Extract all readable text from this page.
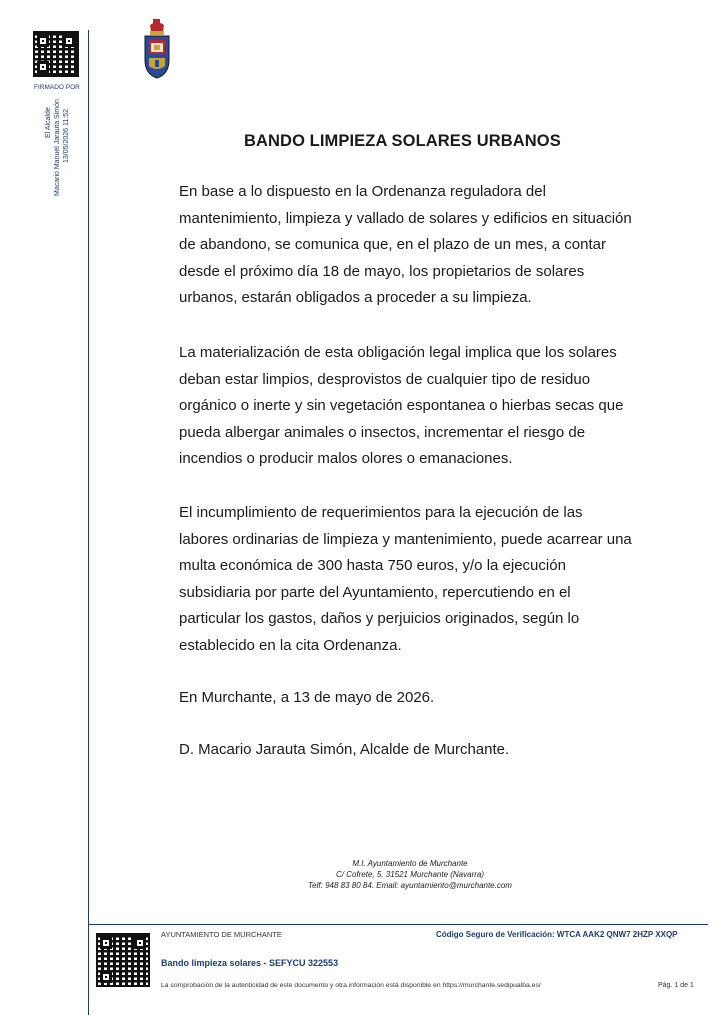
FIRMADO POR
El Alcalde Macario Manuel Jarauta Simón 13/05/2026 11:52	BANDO LIMPIEZA SOLARES URBANOS
En base a lo dispuesto en la Ordenanza reguladora del
mantenimiento, limpieza y vallado de solares y edificios en situación
de abandono, se comunica que, en el plazo de un mes, a contar
desde el próximo día 18 de mayo, los propietarios de solares
urbanos, estarán obligados a proceder a su limpieza.
La materialización de esta obligación legal implica que los solares
deban estar limpios, desprovistos de cualquier tipo de residuo
orgánico o inerte y sin vegetación espontanea o hierbas secas que
pueda albergar animales o insectos, incrementar el riesgo de
incendios o producir malos olores o emanaciones.
El incumplimiento de requerimientos para la ejecución de las
labores ordinarias de limpieza y mantenimiento, puede acarrear una
multa económica de 300 hasta 750 euros, y/o la ejecución
subsidiaria por parte del Ayuntamiento, repercutiendo en el
particular los gastos, daños y perjuicios originados, según lo
establecido en la cita Ordenanza.
En Murchante, a 13 de mayo de 2026.
D. Macario Jarauta Simón, Alcalde de Murchante.
M.I. Ayuntamiento de Murchante
C/ Cofrete, 5. 31521 Murchante (Navarra)
Telf: 948 83 80 84. Email: ayuntamiento@murchante.com
AYUNTAMIENTO DE MURCHANTE	Código Seguro de Verificación: WTCA AAK2 QNW7 2HZP XXQP
Bando limpieza solares - SEFYCU 322553
La comprobación de la autenticidad de este documento y otra información está disponible en https://murchante.sedipualba.es/	Pág. 1 de 1
